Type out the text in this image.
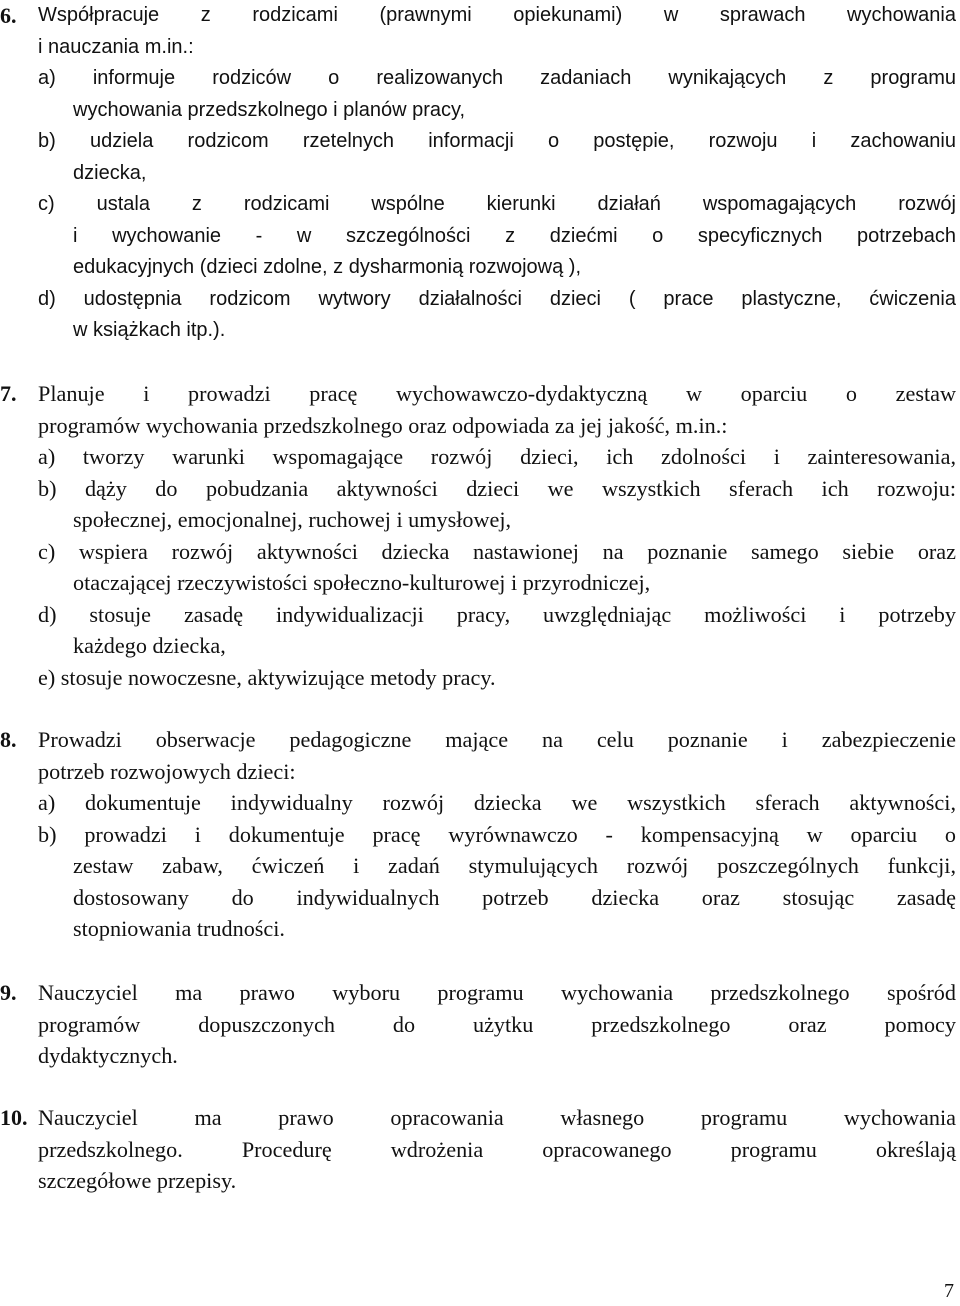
7
6. Współpracuje z rodzicami (prawnymi opiekunami) w sprawach wychowania
i nauczania m.in.:
a) informuje rodziców o realizowanych zadaniach wynikających z programu
wychowania przedszkolnego i planów pracy,
b) udziela rodzicom rzetelnych informacji o postępie, rozwoju i zachowaniu
dziecka,
c) ustala z rodzicami wspólne kierunki działań wspomagających rozwój
i wychowanie - w szczególności z dziećmi o specyficznych potrzebach
edukacyjnych (dzieci zdolne, z dysharmonią rozwojową ),
d) udostępnia rodzicom wytwory działalności dzieci ( prace plastyczne, ćwiczenia
w książkach itp.).
7. Planuje i prowadzi pracę wychowawczo-dydaktyczną w oparciu o zestaw
programów wychowania przedszkolnego oraz odpowiada za jej jakość, m.in.:
a) tworzy warunki wspomagające rozwój dzieci, ich zdolności i zainteresowania,
b) dąży do pobudzania aktywności dzieci we wszystkich sferach ich rozwoju:
społecznej, emocjonalnej, ruchowej i umysłowej,
c) wspiera rozwój aktywności dziecka nastawionej na poznanie samego siebie oraz
otaczającej rzeczywistości społeczno-kulturowej i przyrodniczej,
d) stosuje zasadę indywidualizacji pracy, uwzględniając możliwości i potrzeby
każdego dziecka,
e) stosuje nowoczesne, aktywizujące metody pracy.
8. Prowadzi obserwacje pedagogiczne mające na celu poznanie i zabezpieczenie
potrzeb rozwojowych dzieci:
a) dokumentuje indywidualny rozwój dziecka we wszystkich sferach aktywności,
b) prowadzi i dokumentuje pracę wyrównawczo - kompensacyjną w oparciu o
zestaw zabaw, ćwiczeń i zadań stymulujących rozwój poszczególnych funkcji,
dostosowany do indywidualnych potrzeb dziecka oraz stosując zasadę
stopniowania trudności.
9. Nauczyciel ma prawo wyboru programu wychowania przedszkolnego spośród
programów dopuszczonych do użytku przedszkolnego oraz pomocy
dydaktycznych.
10. Nauczyciel ma prawo opracowania własnego programu wychowania
przedszkolnego. Procedurę wdrożenia opracowanego programu określają
szczegółowe przepisy.
